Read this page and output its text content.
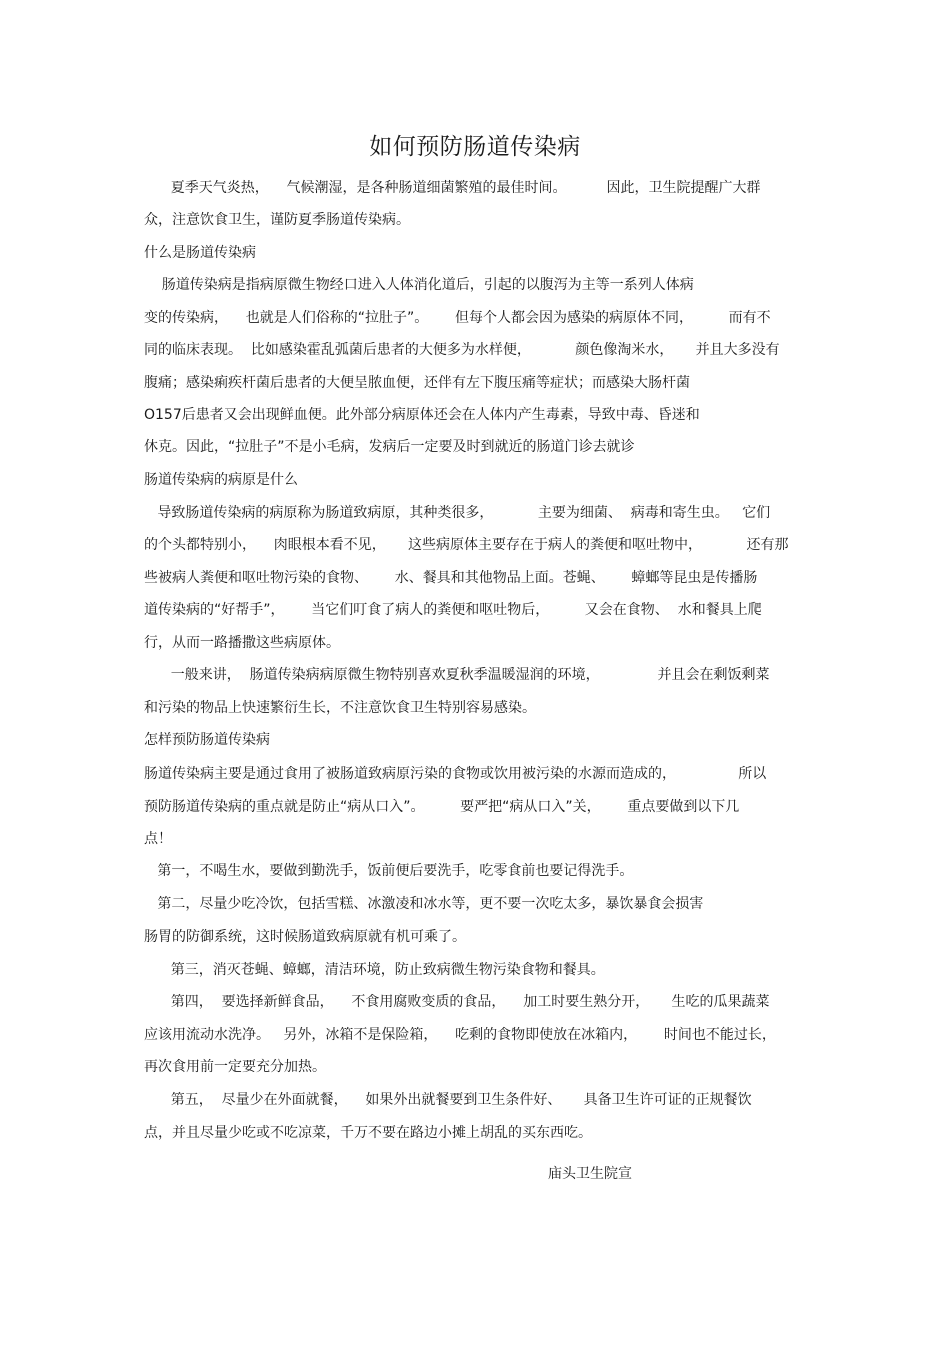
如何预防肠道传染病
夏季天气炎热，    气候潮湿，是各种肠道细菌繁殖的最佳时间。         因此，卫生院提醒广大群
众，注意饮食卫生，谨防夏季肠道传染病。
什么是肠道传染病
肠道传染病是指病原微生物经口进入人体消化道后，引起的以腹泻为主等一系列人体病
变的传染病，    也就是人们俗称的“拉肚子”。      但每个人都会因为感染的病原体不同，        而有不
同的临床表现。  比如感染霍乱弧菌后患者的大便多为水样便，          颜色像淘米水，     并且大多没有
腹痛；感染痢疾杆菌后患者的大便呈脓血便，还伴有左下腹压痛等症状；而感染大肠杆菌
O157后患者又会出现鲜血便。此外部分病原体还会在人体内产生毒素，导致中毒、昏迷和
休克。因此，“拉肚子”不是小毛病，发病后一定要及时到就近的肠道门诊去就诊
肠道传染病的病原是什么
导致肠道传染病的病原称为肠道致病原，其种类很多，          主要为细菌、  病毒和寄生虫。   它们
的个头都特别小，    肉眼根本看不见，     这些病原体主要存在于病人的粪便和呕吐物中，          还有那
些被病人粪便和呕吐物污染的食物、      水、餐具和其他物品上面。苍蝇、      蟑螂等昆虫是传播肠
道传染病的“好帮手”，      当它们叮食了病人的粪便和呕吐物后，        又会在食物、  水和餐具上爬
行，从而一路播撒这些病原体。
一般来讲，  肠道传染病病原微生物特别喜欢夏秋季温暖湿润的环境，             并且会在剩饭剩菜
和污染的物品上快速繁衍生长，不注意饮食卫生特别容易感染。
怎样预防肠道传染病
肠道传染病主要是通过食用了被肠道致病原污染的食物或饮用被污染的水源而造成的，              所以
预防肠道传染病的重点就是防止“病从口入”。        要严把“病从口入”关，      重点要做到以下几
点！
第一，不喝生水，要做到勤洗手，饭前便后要洗手，吃零食前也要记得洗手。
第二，尽量少吃冷饮，包括雪糕、冰激凌和冰水等，更不要一次吃太多，暴饮暴食会损害
肠胃的防御系统，这时候肠道致病原就有机可乘了。
第三，消灭苍蝇、蟑螂，清洁环境，防止致病微生物污染食物和餐具。
第四，  要选择新鲜食品，    不食用腐败变质的食品，    加工时要生熟分开，     生吃的瓜果蔬菜
应该用流动水洗净。   另外，冰箱不是保险箱，    吃剩的食物即使放在冰箱内，      时间也不能过长，
再次食用前一定要充分加热。
第五，  尽量少在外面就餐，    如果外出就餐要到卫生条件好、     具备卫生许可证的正规餐饮
点，并且尽量少吃或不吃凉菜，千万不要在路边小摊上胡乱的买东西吃。
庙头卫生院宣
